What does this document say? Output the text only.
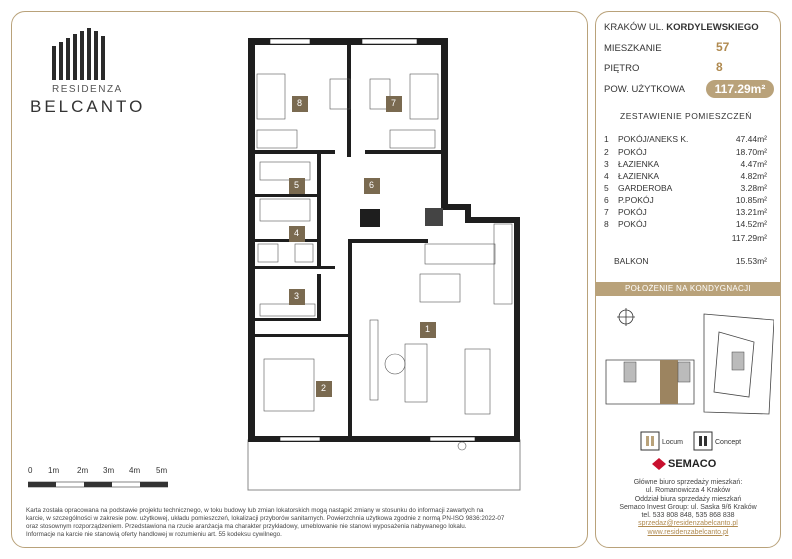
RESIDENZA
BELCANTO	8	7
5	6
4
3
1
2
0 1m 2m 3m 4m 5m
Karta została opracowana na podstawie projektu technicznego, w toku budowy lub zmian lokatorskich mogą nastąpić zmiany w stosunku do informacji zawartych na
karcie, w szczególności w zakresie pow. użytkowej, układu pomieszczeń, lokalizacji przyborów sanitarnych. Powierzchnia użytkowa zgodnie z normą PN-ISO 9836:2022-07
oraz stosownym rozporządzeniem. Przedstawiona na rzucie aranżacja ma charakter przykładowy, umeblowanie nie stanowi wyposażenia nabywanego lokalu.
Informacje na karcie nie stanowią oferty handlowej w rozumieniu art. 55 kodeksu cywilnego.
KRAKÓW UL. KORDYLEWSKIEGO
MIESZKANIE	57
PIĘTRO	8
POW. UŻYTKOWA	117.29m²
ZESTAWIENIE POMIESZCZEŃ
1 POKÓJ/ANEKS K.	47.44m²
2 POKÓJ	18.70m²
3 ŁAZIENKA	4.47m²
4 ŁAZIENKA	4.82m²
5 GARDEROBA	3.28m²
6 P.POKÓJ	10.85m²
7 POKÓJ	13.21m²
8 POKÓJ	14.52m²
117.29m²
BALKON	15.53m²
POŁOŻENIE NA KONDYGNACJI
Locum	Concept
SEMACO
Główne biuro sprzedaży mieszkań:
ul. Romanowicza 4 Kraków
Oddział biura sprzedaży mieszkań
Semaco Invest Group: ul. Saska 9/6 Kraków
tel. 533 808 848, 535 868 838
sprzedaz@residenzabelcanto.pl
www.residenzabelcanto.pl
